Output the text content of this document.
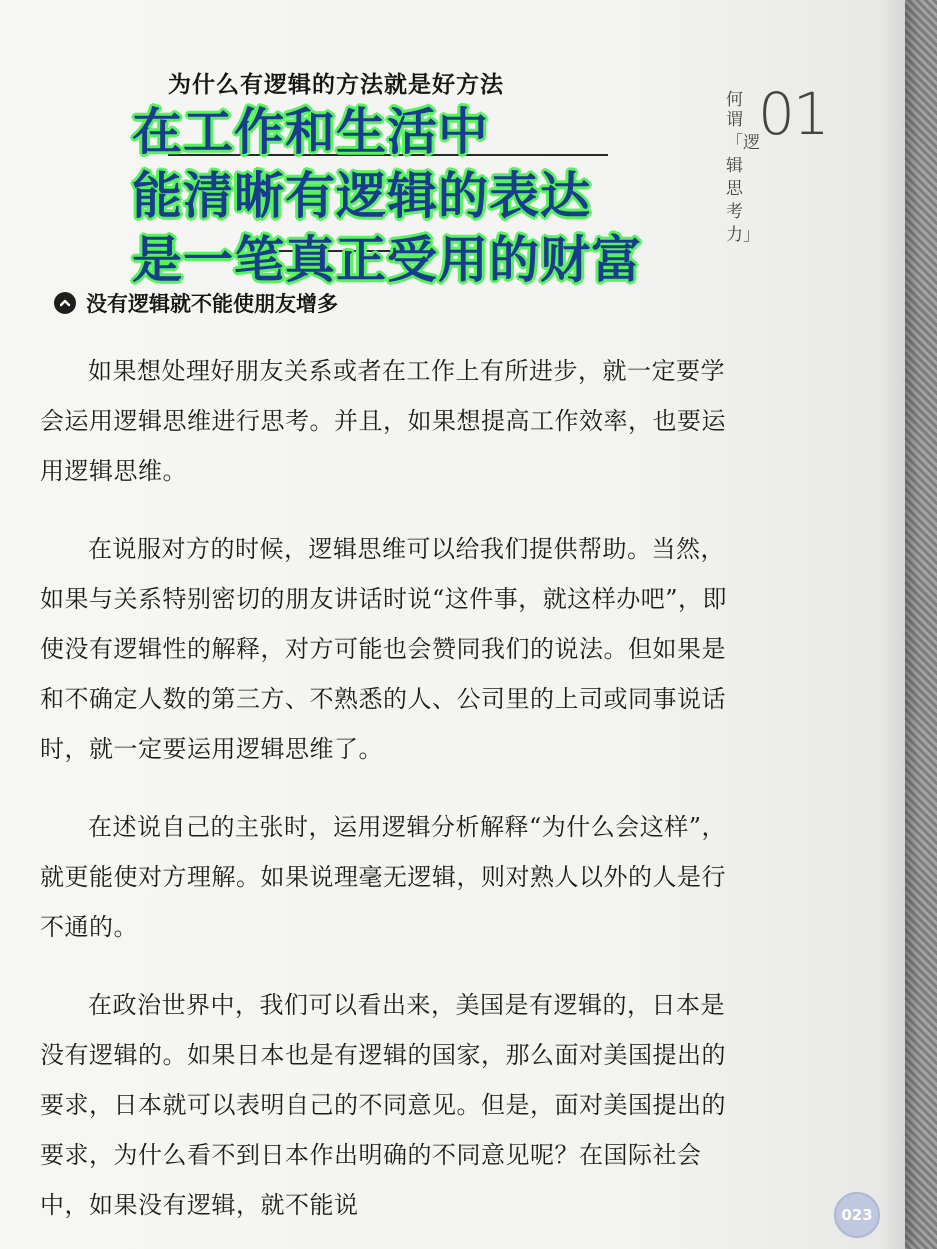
为什么有逻辑的方法就是好方法
何谓 01
「逻辑思考力」
在工作和生活中
能清晰有逻辑的表达
是一笔真正受用的财富
没有逻辑就不能使朋友增多

如果想处理好朋友关系或者在工作上有所进步，就一定要学会运用逻辑思维进行思考。并且，如果想提高工作效率，也要运用逻辑思维。

在说服对方的时候，逻辑思维可以给我们提供帮助。当然，如果与关系特别密切的朋友讲话时说“这件事，就这样办吧”，即使没有逻辑性的解释，对方可能也会赞同我们的说法。但如果是和不确定人数的第三方、不熟悉的人、公司里的上司或同事说话时，就一定要运用逻辑思维了。

在述说自己的主张时，运用逻辑分析解释“为什么会这样”，就更能使对方理解。如果说理毫无逻辑，则对熟人以外的人是行不通的。

在政治世界中，我们可以看出来，美国是有逻辑的，日本是没有逻辑的。如果日本也是有逻辑的国家，那么面对美国提出的要求，日本就可以表明自己的不同意见。但是，面对美国提出的要求，为什么看不到日本作出明确的不同意见呢？在国际社会中，如果没有逻辑，就不能说	023
